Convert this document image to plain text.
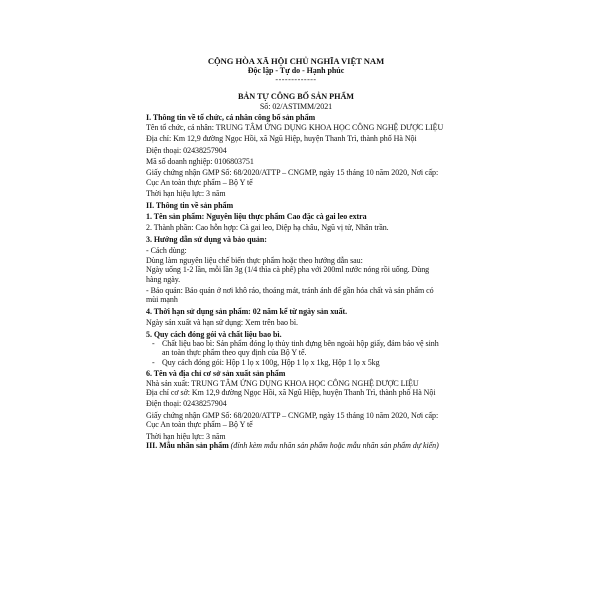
CỘNG HÒA XÃ HỘI CHỦ NGHĨA VIỆT NAM
Độc lập - Tự do - Hạnh phúc
-------------
BẢN TỰ CÔNG BỐ SẢN PHẨM
Số: 02/ASTIMM/2021
I. Thông tin về tổ chức, cá nhân công bố sản phẩm
Tên tổ chức, cá nhân: TRUNG TÂM ỨNG DỤNG KHOA HỌC CÔNG NGHỆ DƯỢC LIỆU
Địa chỉ: Km 12,9 đường Ngọc Hồi, xã Ngũ Hiệp, huyện Thanh Trì, thành phố Hà Nội
Điện thoại: 02438257904
Mã số doanh nghiệp: 0106803751
Giấy chứng nhận GMP Số: 68/2020/ATTP – CNGMP, ngày 15 tháng 10 năm 2020, Nơi cấp: Cục An toàn thực phẩm – Bộ Y tế
Thời hạn hiệu lực: 3 năm
II. Thông tin về sản phẩm
1. Tên sản phẩm: Nguyên liệu thực phẩm Cao đặc cà gai leo extra
2. Thành phần: Cao hỗn hợp: Cà gai leo, Diệp hạ châu, Ngũ vị tử, Nhân trần.
3. Hướng dẫn sử dụng và bảo quản:
- Cách dùng:
Dùng làm nguyên liệu chế biến thực phẩm hoặc theo hướng dẫn sau:
Ngày uống 1-2 lần, mỗi lần 3g (1/4 thìa cà phê) pha với 200ml nước nóng rồi uống. Dùng hàng ngày.
- Bảo quản: Bảo quản ở nơi khô ráo, thoáng mát, tránh ánh để gần hóa chất và sản phẩm có mùi mạnh
4. Thời hạn sử dụng sản phẩm: 02 năm kể từ ngày sản xuất.
Ngày sản xuất và hạn sử dụng: Xem trên bao bì.
5. Quy cách đóng gói và chất liệu bao bì.
- Chất liệu bao bì: Sản phẩm đóng lọ thủy tinh đựng bên ngoài hộp giấy, đảm bảo vệ sinh an toàn thực phẩm theo quy định của Bộ Y tế.
- Quy cách đóng gói: Hộp 1 lọ x 100g, Hộp 1 lọ x 1kg, Hộp 1 lọ x 5kg
6. Tên và địa chỉ cơ sở sản xuất sản phẩm
Nhà sản xuất: TRUNG TÂM ỨNG DỤNG KHOA HỌC CÔNG NGHỆ DƯỢC LIỆU
Địa chỉ cơ sở: Km 12,9 đường Ngọc Hồi, xã Ngũ Hiệp, huyện Thanh Trì, thành phố Hà Nội
Điện thoại: 02438257904
Giấy chứng nhận GMP Số: 68/2020/ATTP – CNGMP, ngày 15 tháng 10 năm 2020, Nơi cấp: Cục An toàn thực phẩm – Bộ Y tế
Thời hạn hiệu lực: 3 năm
III. Mẫu nhãn sản phẩm (đính kèm mẫu nhãn sản phẩm hoặc mẫu nhãn sản phẩm dự kiến)
